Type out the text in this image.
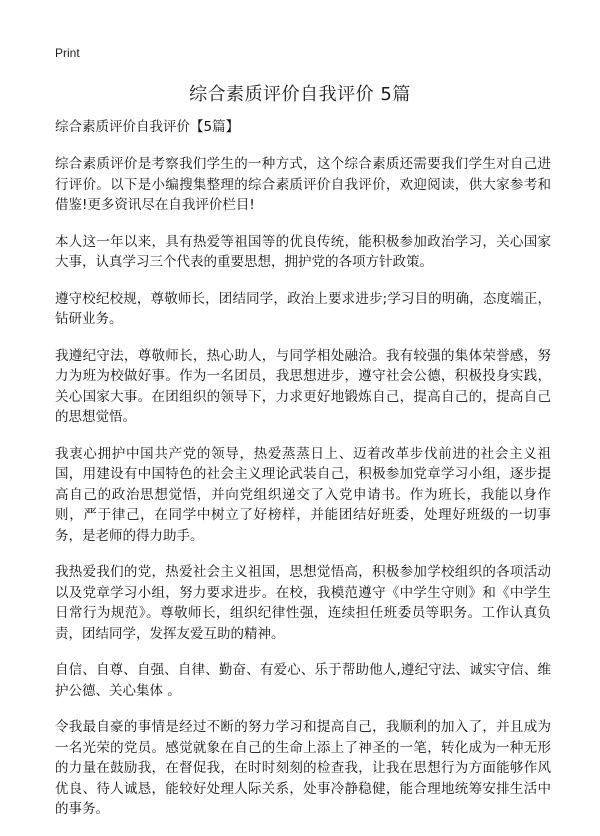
Print
综合素质评价自我评价 5篇
综合素质评价自我评价【5篇】

综合素质评价是考察我们学生的一种方式，这个综合素质还需要我们学生对自己进行评价。以下是小编搜集整理的综合素质评价自我评价，欢迎阅读，供大家参考和借鉴!更多资讯尽在自我评价栏目!

本人这一年以来，具有热爱等祖国等的优良传统，能积极参加政治学习，关心国家大事，认真学习三个代表的重要思想，拥护党的各项方针政策。

遵守校纪校规，尊敬师长，团结同学，政治上要求进步;学习目的明确，态度端正，钻研业务。

我遵纪守法，尊敬师长，热心助人，与同学相处融洽。我有较强的集体荣誉感，努力为班为校做好事。作为一名团员，我思想进步，遵守社会公德，积极投身实践，关心国家大事。在团组织的领导下，力求更好地锻炼自己，提高自己的，提高自己的思想觉悟。

我衷心拥护中国共产党的领导，热爱蒸蒸日上、迈着改革步伐前进的社会主义祖国，用建设有中国特色的社会主义理论武装自己，积极参加党章学习小组，逐步提高自己的政治思想觉悟，并向党组织递交了入党申请书。作为班长，我能以身作则，严于律己，在同学中树立了好榜样，并能团结好班委，处理好班级的一切事务，是老师的得力助手。

我热爱我们的党，热爱社会主义祖国，思想觉悟高，积极参加学校组织的各项活动以及党章学习小组，努力要求进步。在校，我模范遵守《中学生守则》和《中学生日常行为规范》。尊敬师长，组织纪律性强，连续担任班委员等职务。工作认真负责，团结同学，发挥友爱互助的精神。

自信、自尊、自强、自律、勤奋、有爱心、乐于帮助他人,遵纪守法、诚实守信、维护公德、关心集体 。

令我最自豪的事情是经过不断的努力学习和提高自己，我顺利的加入了，并且成为一名光荣的党员。感觉就象在自己的生命上添上了神圣的一笔，转化成为一种无形的力量在鼓励我，在督促我，在时时刻刻的检查我，让我在思想行为方面能够作风优良、待人诚恳，能较好处理人际关系，处事冷静稳健，能合理地统筹安排生活中的事务。
